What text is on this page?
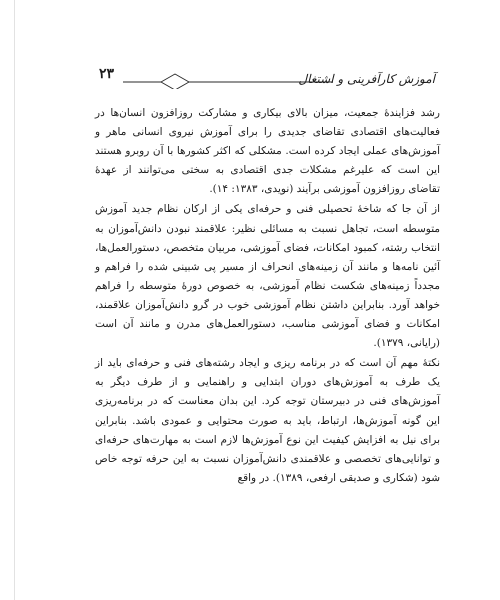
۲۳	آموزش کارآفرینی و اشتغال

رشد فزایندهٔ جمعیت، میزان بالای بیکاری و مشارکت روزافزون انسان‌ها در فعالیت‌های اقتصادی تقاضای جدیدی را برای آموزش نیروی انسانی ماهر و آموزش‌های عملی ایجاد کرده است. مشکلی که اکثر کشورها با آن روبرو هستند این است که علیرغم مشکلات جدی اقتصادی به سختی می‌توانند از عهدهٔ تقاضای روزافزون آموزشی برآیند (نویدی، ۱۳۸۳: ۱۴).

از آن جا که شاخهٔ تحصیلی فنی و حرفه‌ای یکی از ارکان نظام جدید آموزش متوسطه است، تجاهل نسبت به مسائلی نظیر: علاقمند نبودن دانش‌آموزان به انتخاب رشته، کمبود امکانات، فضای آموزشی، مربیان متخصص، دستورالعمل‌ها، آئین نامه‌ها و مانند آن زمینه‌های انحراف از مسیر پی شبینی شده را فراهم و مجدداً زمینه‌های شکست نظام آموزشی، به خصوص دورهٔ متوسطه را فراهم خواهد آورد. بنابراین داشتن نظام آموزشی خوب در گرو دانش‌آموزان علاقمند، امکانات و فضای آموزشی مناسب، دستورالعمل‌های مدرن و مانند آن است (رایانی، ۱۳۷۹).

نکتهٔ مهم آن است که در برنامه ریزی و ایجاد رشته‌های فنی و حرفه‌ای باید از یک طرف به آموزش‌های دوران ابتدایی و راهنمایی و از طرف دیگر به آموزش‌های فنی در دبیرستان توجه کرد. این بدان معناست که در برنامه‌ریزی این گونه آموزش‌ها، ارتباط، باید به صورت محتوایی و عمودی باشد. بنابراین برای نیل به افزایش کیفیت این نوع آموزش‌ها لازم است به مهارت‌های حرفه‌ای و توانایی‌های تخصصی و علاقمندی دانش‌آموزان نسبت به این حرفه توجه خاص شود (شکاری و صدیقی ارفعی، ۱۳۸۹). در واقع
